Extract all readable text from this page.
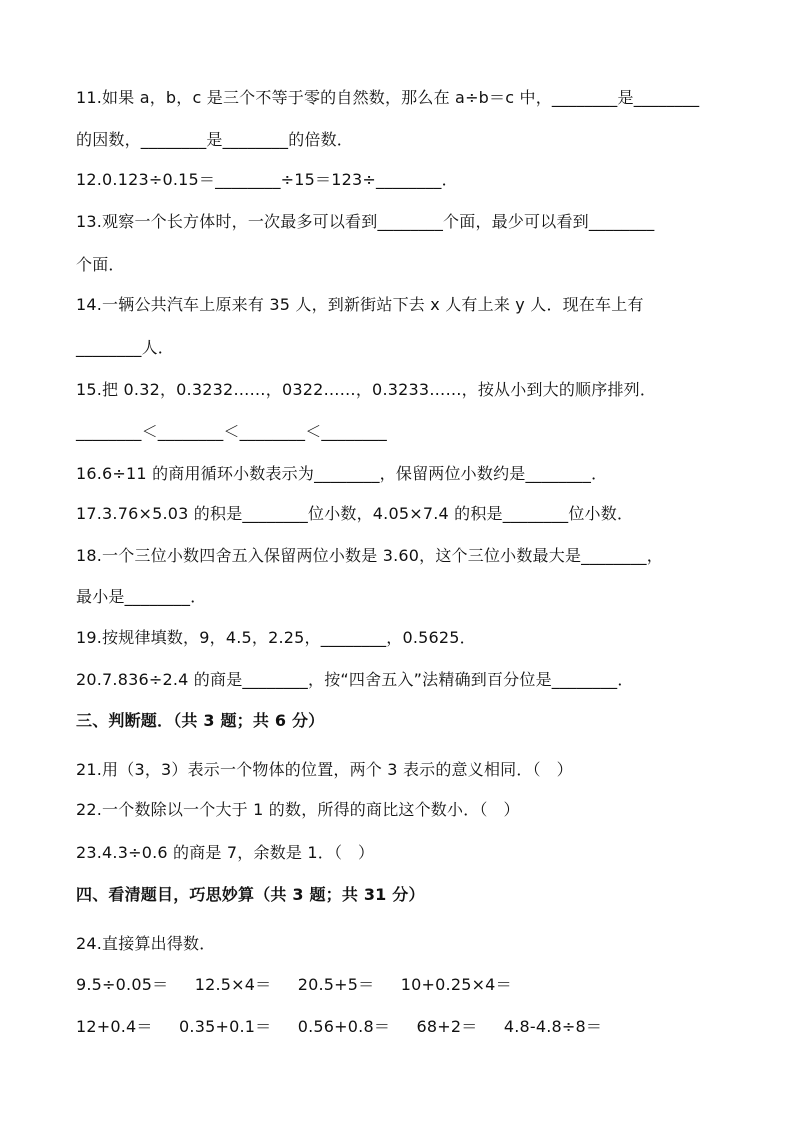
11.如果 a，b，c 是三个不等于零的自然数，那么在 a÷b＝c 中，________是________
的因数，________是________的倍数．
12.0.123÷0.15＝________÷15＝123÷________．
13.观察一个长方体时，一次最多可以看到________个面，最少可以看到________
个面．
14.一辆公共汽车上原来有 35 人，到新街站下去 x 人有上来 y 人．现在车上有
________人．
15.把 0.32，0.3232……，0322……，0.3233……，按从小到大的顺序排列．
________＜________＜________＜________
16.6÷11 的商用循环小数表示为________，保留两位小数约是________．
17.3.76×5.03 的积是________位小数，4.05×7.4 的积是________位小数．
18.一个三位小数四舍五入保留两位小数是 3.60，这个三位小数最大是________，
最小是________．
19.按规律填数，9，4.5，2.25，________，0.5625．
20.7.836÷2.4 的商是________，按“四舍五入”法精确到百分位是________．
三、判断题．（共 3 题；共 6 分）
21.用（3，3）表示一个物体的位置，两个 3 表示的意义相同．（   ）
22.一个数除以一个大于 1 的数，所得的商比这个数小．（   ）
23.4.3÷0.6 的商是 7，余数是 1．（   ）
四、看清题目，巧思妙算（共 3 题；共 31 分）
24.直接算出得数．
9.5÷0.05＝     12.5×4＝     20.5+5＝     10+0.25×4＝
12+0.4＝     0.35+0.1＝     0.56+0.8＝     68+2＝     4.8-4.8÷8＝
